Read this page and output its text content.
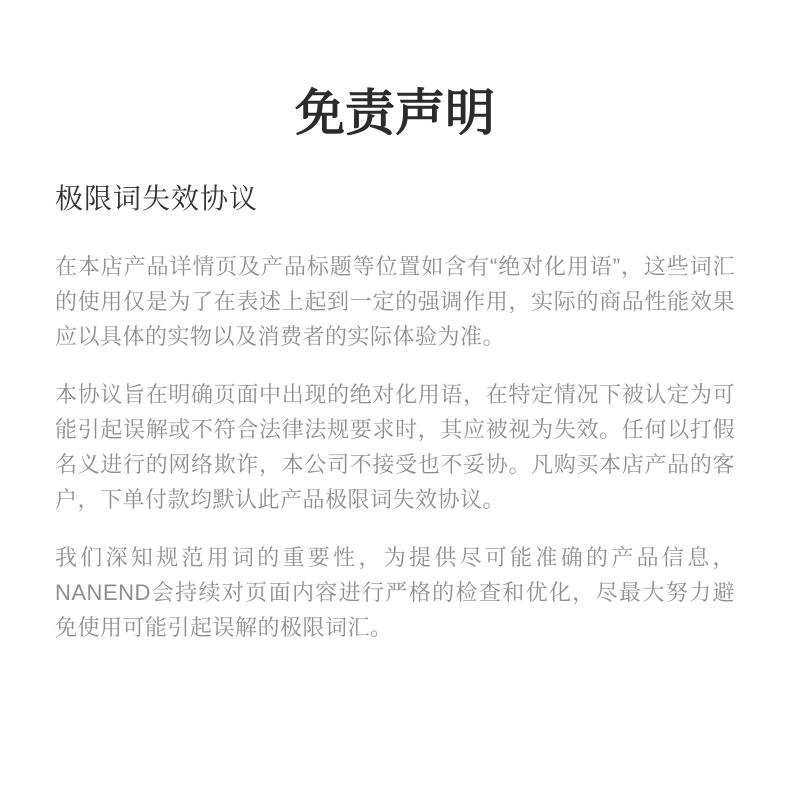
免责声明
极限词失效协议

在本店产品详情页及产品标题等位置如含有“绝对化用语”，这些词汇的使用仅是为了在表述上起到一定的强调作用，实际的商品性能效果应以具体的实物以及消费者的实际体验为准。

本协议旨在明确页面中出现的绝对化用语，在特定情况下被认定为可能引起误解或不符合法律法规要求时，其应被视为失效。任何以打假名义进行的网络欺诈，本公司不接受也不妥协。凡购买本店产品的客户，下单付款均默认此产品极限词失效协议。

我们深知规范用词的重要性，为提供尽可能准确的产品信息，NANEND会持续对页面内容进行严格的检查和优化，尽最大努力避免使用可能引起误解的极限词汇。
